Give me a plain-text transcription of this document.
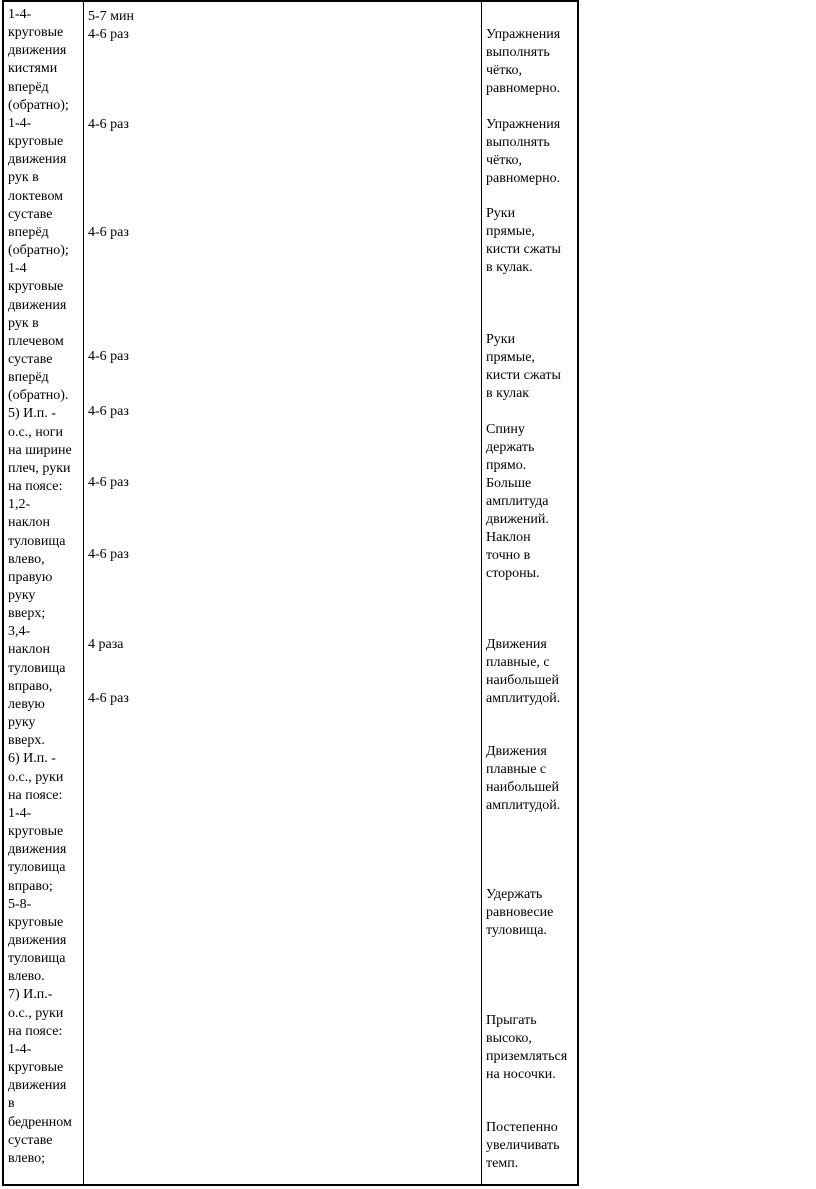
1-4-
круговые
движения
кистями
вперёд
(обратно);
1-4-
круговые
движения
рук в
локтевом
суставе
вперёд
(обратно);
1-4
круговые
движения
рук в
плечевом
суставе
вперёд
(обратно).
5) И.п. -
о.с., ноги
на ширине
плеч, руки
на поясе:
1,2-
наклон
туловища
влево,
правую
руку
вверх;
3,4-
наклон
туловища
вправо,
левую
руку
вверх.
6) И.п. -
о.с., руки
на поясе:
1-4-
круговые
движения
туловища
вправо;
5-8-
круговые
движения
туловища
влево.
7) И.п.-
о.с., руки
на поясе:
1-4-
круговые
движения
в
бедренном
суставе
влево;
5-7 мин
4-6 раз
4-6 раз
4-6 раз
4-6 раз
4-6 раз
4-6 раз
4-6 раз
4 раза
4-6 раз
Упражнения
выполнять
чётко,
равномерно.
Упражнения
выполнять
чётко,
равномерно.
Руки
прямые,
кисти сжаты
в кулак.
Руки
прямые,
кисти сжаты
в кулак
Спину
держать
прямо.
Больше
амплитуда
движений.
Наклон
точно в
стороны.
Движения
плавные, с
наибольшей
амплитудой.
Движения
плавные с
наибольшей
амплитудой.
Удержать
равновесие
туловища.
Прыгать
высоко,
приземляться
на носочки.
Постепенно
увеличивать
темп.
